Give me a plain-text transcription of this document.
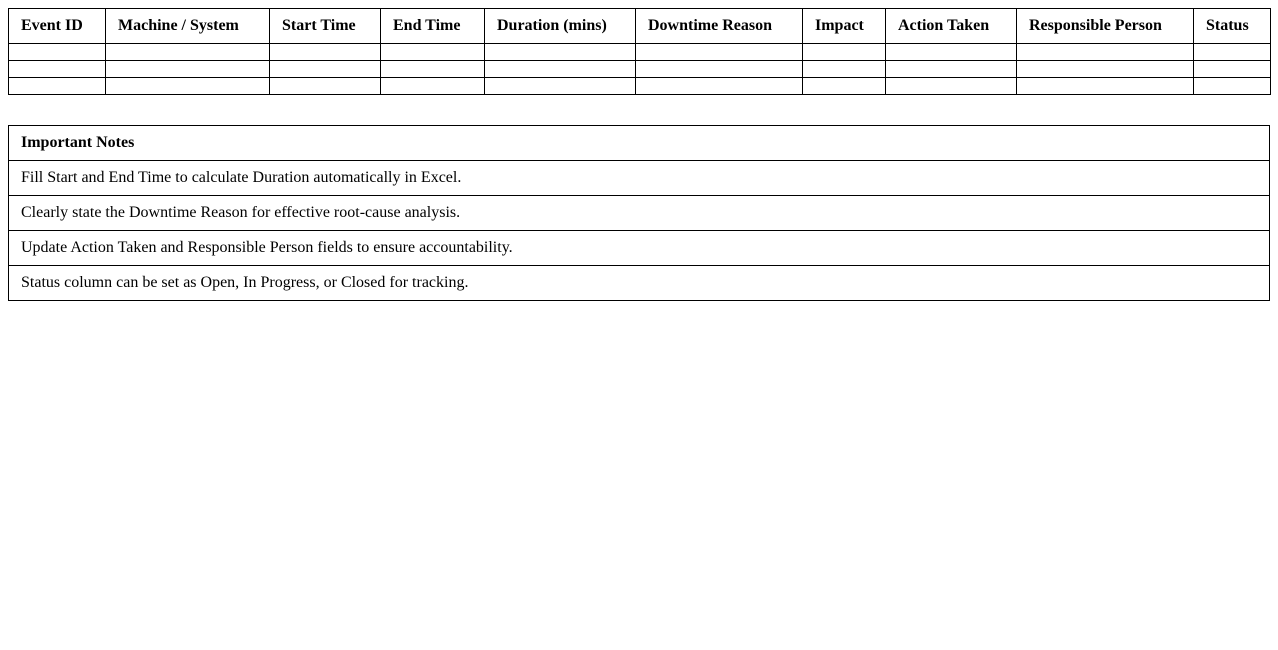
Event ID	Machine / System	Start Time	End Time	Duration (mins)	Downtime Reason	Impact	Action Taken	Responsible Person	Status

Important Notes
Fill Start and End Time to calculate Duration automatically in Excel.
Clearly state the Downtime Reason for effective root-cause analysis.
Update Action Taken and Responsible Person fields to ensure accountability.
Status column can be set as Open, In Progress, or Closed for tracking.
